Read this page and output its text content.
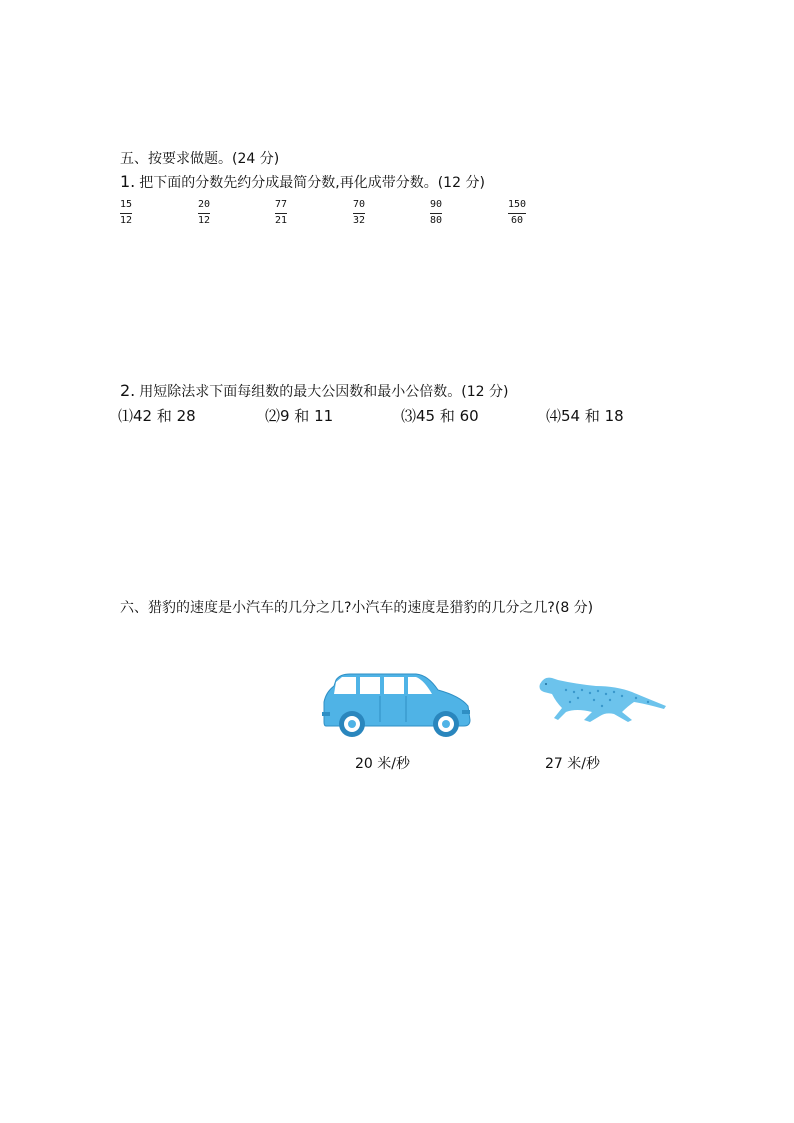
五、按要求做题。(24 分)
1. 把下面的分数先约分成最简分数,再化成带分数。(12 分)
15
12
20
12
77
21
70
32
90
80
150
60
2. 用短除法求下面每组数的最大公因数和最小公倍数。(12 分)
⑴42 和 28	⑵9 和 11	⑶45 和 60	⑷54 和 18
六、猎豹的速度是小汽车的几分之几?小汽车的速度是猎豹的几分之几?(8 分)
20 米/秒	27 米/秒
